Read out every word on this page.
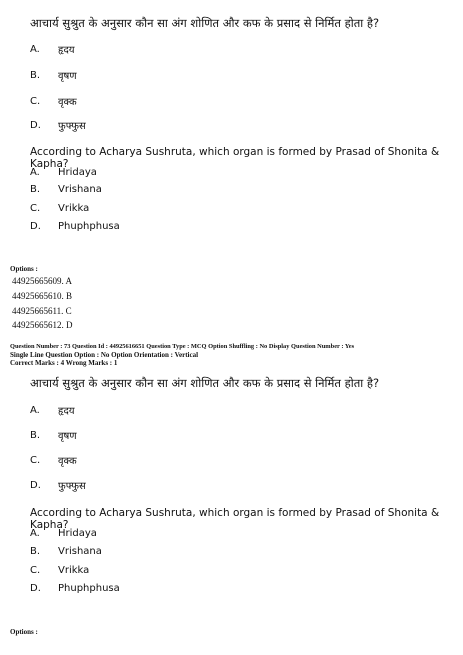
आचार्य सुश्रुत के अनुसार कौन सा अंग शोणित और कफ के प्रसाद से निर्मित होता है?
A.	हृदय
B.	वृषण
C.	वृक्क
D.	फुफ्फुस
According to Acharya Sushruta, which organ is formed by Prasad of Shonita & Kapha?
A.	Hridaya
B.	Vrishana
C.	Vrikka
D.	Phuphphusa
Options :
44925665609. A
44925665610. B
44925665611. C
44925665612. D
Question Number : 73 Question Id : 44925616651 Question Type : MCQ Option Shuffling : No Display Question Number : Yes
Single Line Question Option : No Option Orientation : Vertical
Correct Marks : 4 Wrong Marks : 1
आचार्य सुश्रुत के अनुसार कौन सा अंग शोणित और कफ के प्रसाद से निर्मित होता है?
A.	हृदय
B.	वृषण
C.	वृक्क
D.	फुफ्फुस
According to Acharya Sushruta, which organ is formed by Prasad of Shonita & Kapha?
A.	Hridaya
B.	Vrishana
C.	Vrikka
D.	Phuphphusa
Options :
